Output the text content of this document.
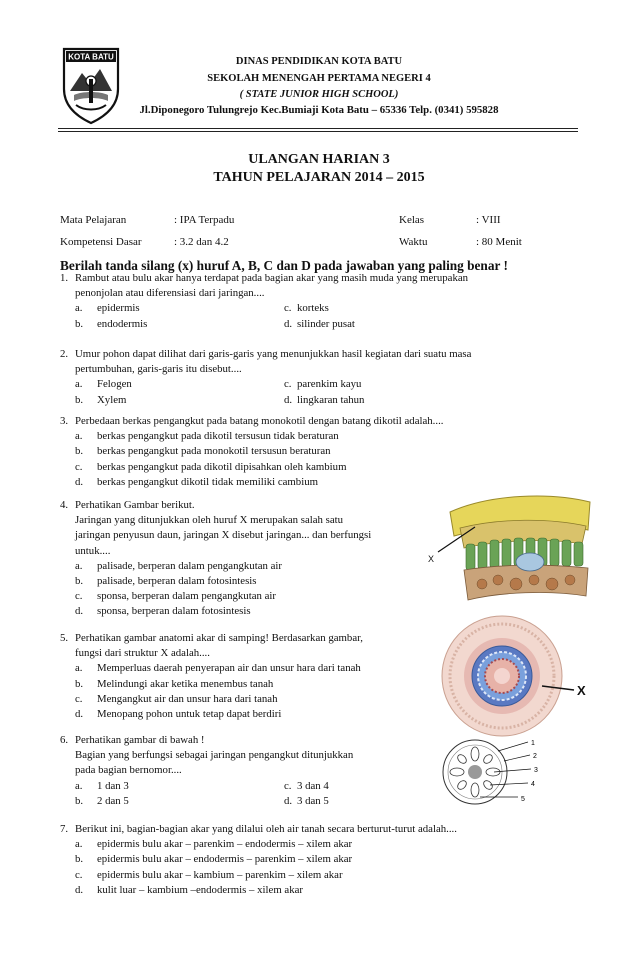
KOTA BATU	DINAS PENDIDIKAN KOTA BATU
SEKOLAH MENENGAH PERTAMA NEGERI 4
( STATE JUNIOR HIGH SCHOOL)
Jl.Diponegoro Tulungrejo Kec.Bumiaji Kota Batu – 65336 Telp. (0341) 595828
ULANGAN HARIAN 3
TAHUN PELAJARAN 2014 – 2015
Mata Pelajaran	: IPA Terpadu	Kelas	: VIII
Kompetensi Dasar	: 3.2 dan 4.2	Waktu	: 80 Menit
Berilah tanda silang (x) huruf A, B, C dan D pada jawaban yang paling benar !
1. Rambut atau bulu akar hanya terdapat pada bagian akar yang masih muda yang merupakan
penonjolan atau diferensiasi dari jaringan....
a. epidermis	c. korteks
b. endodermis	d. silinder pusat
2. Umur pohon dapat dilihat dari garis-garis yang menunjukkan hasil kegiatan dari suatu masa
pertumbuhan, garis-garis itu disebut....
a. Felogen	c. parenkim kayu
b. Xylem	d. lingkaran tahun
3. Perbedaan berkas pengangkut pada batang monokotil dengan batang dikotil adalah....
a. berkas pengangkut pada dikotil tersusun tidak beraturan
b. berkas pengangkut pada monokotil tersusun beraturan
c. berkas pengangkut pada dikotil dipisahkan oleh kambium
d. berkas pengangkut dikotil tidak memiliki cambium
4. Perhatikan Gambar berikut.
Jaringan yang ditunjukkan oleh huruf X merupakan salah satu
jaringan penyusun daun, jaringan X disebut jaringan... dan berfungsi
untuk....
a. palisade, berperan dalam pengangkutan air
b. palisade, berperan dalam fotosintesis
c. sponsa, berperan dalam pengangkutan air
d. sponsa, berperan dalam fotosintesis
5. Perhatikan gambar anatomi akar di samping! Berdasarkan gambar,
fungsi dari struktur X adalah....
a. Memperluas daerah penyerapan air dan unsur hara dari tanah
b. Melindungi akar ketika menembus tanah
c. Mengangkut air dan unsur hara dari tanah
d. Menopang pohon untuk tetap dapat berdiri
6. Perhatikan gambar di bawah !
Bagian yang berfungsi sebagai jaringan pengangkut ditunjukkan
pada bagian bernomor....
a. 1 dan 3	c. 3 dan 4
b. 2 dan 5	d. 3 dan 5
7. Berikut ini, bagian-bagian akar yang dilalui oleh air tanah secara berturut-turut adalah....
a. epidermis bulu akar – parenkim – endodermis – xilem akar
b. epidermis bulu akar – endodermis – parenkim – xilem akar
c. epidermis bulu akar – kambium – parenkim – xilem akar
d. kulit luar – kambium –endodermis – xilem akar
X
X
1
2
3
4
5
